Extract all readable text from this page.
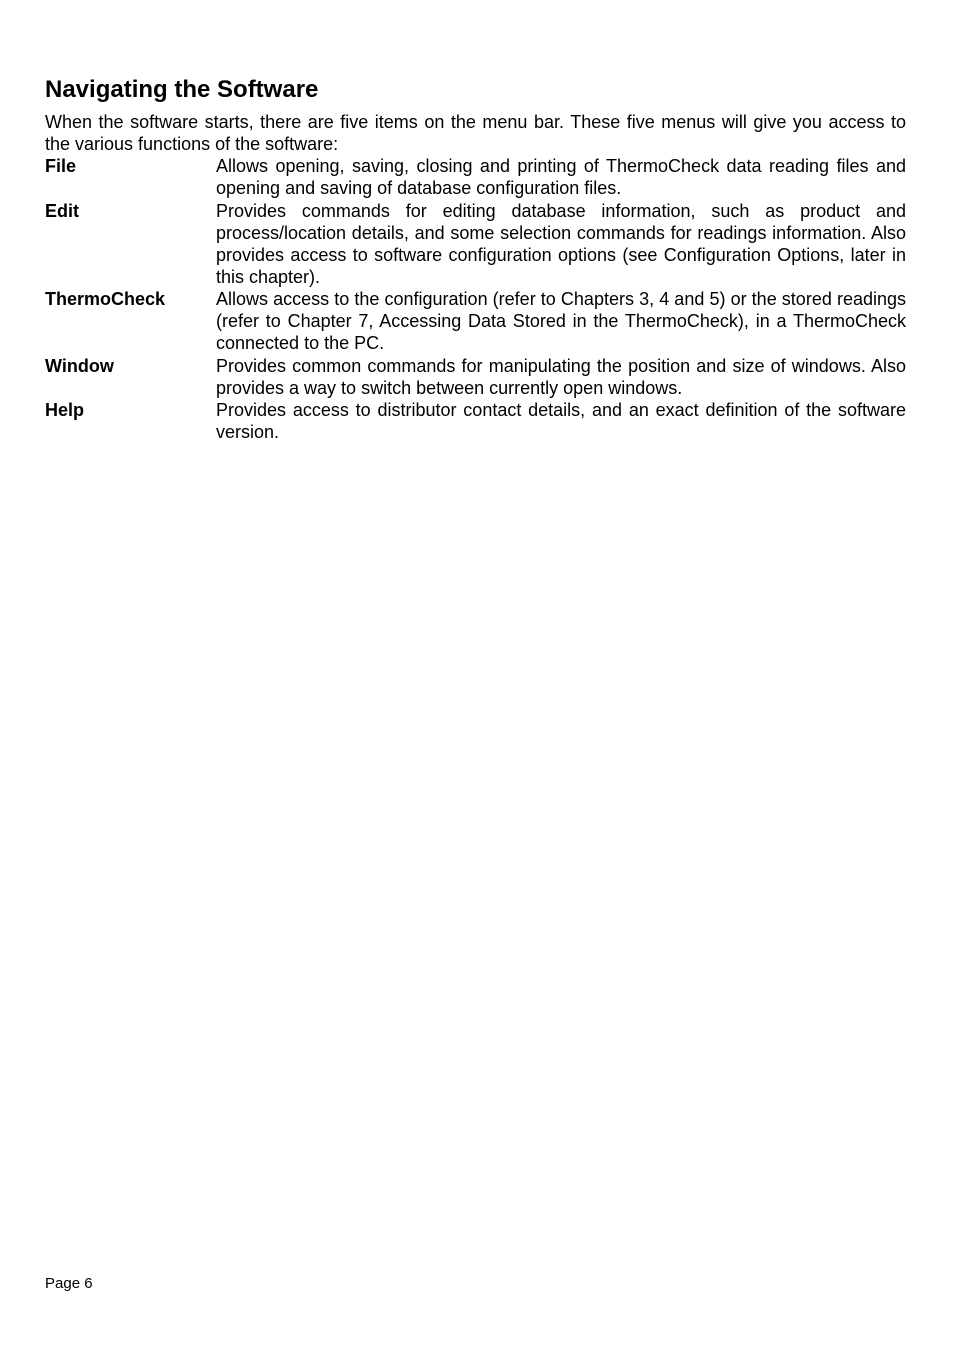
Navigating the Software

When the software starts, there are five items on the menu bar. These five menus will give you access to the various functions of the software:

File	Allows opening, saving, closing and printing of ThermoCheck data reading files and opening and saving of database configuration files.
Edit	Provides commands for editing database information, such as product and process/location details, and some selection commands for readings information. Also provides access to software configuration options (see Configuration Options, later in this chapter).
ThermoCheck	Allows access to the configuration (refer to Chapters 3, 4 and 5) or the stored readings (refer to Chapter 7, Accessing Data Stored in the ThermoCheck), in a ThermoCheck connected to the PC.
Window	Provides common commands for manipulating the position and size of windows. Also provides a way to switch between currently open windows.
Help	Provides access to distributor contact details, and an exact definition of the software version.
Page 6
